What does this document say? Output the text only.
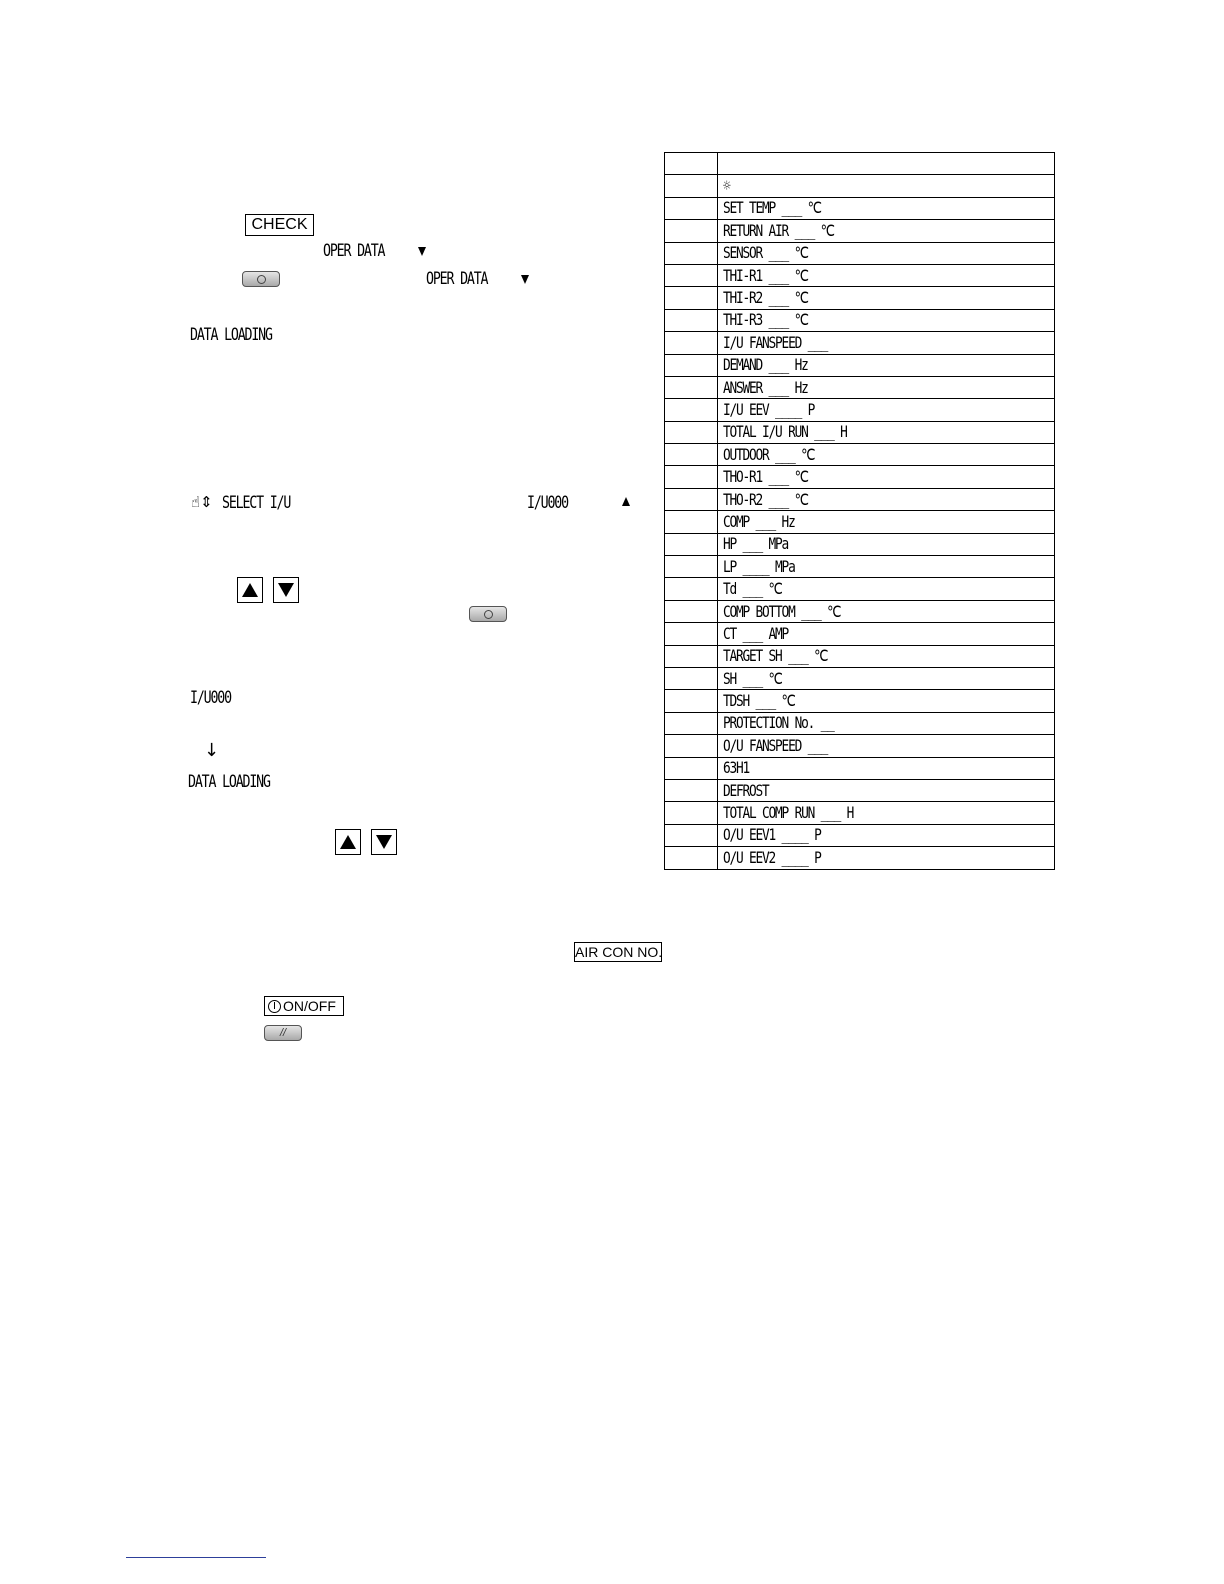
CHECK
OPER DATA
OPER DATA
DATA LOADING
☝⇕ SELECT I/U	I/U000
I/U000
↓
DATA LOADING

	☼

	SET TEMP ___ ℃

	RETURN AIR ___ ℃

	SENSOR ___ ℃

	THI-R1 ___ ℃

	THI-R2 ___ ℃

	THI-R3 ___ ℃

	I/U FANSPEED ___

	DEMAND ___ Hz

	ANSWER ___ Hz

	I/U EEV ____ P

	TOTAL I/U RUN ___ H

	OUTDOOR ___ ℃

	THO-R1 ___ ℃

	THO-R2 ___ ℃

	COMP ___ Hz

	HP ___ MPa

	LP ____ MPa

	Td ___ ℃

	COMP BOTTOM ___ ℃

	CT ___ AMP

	TARGET SH ___ ℃

	SH ___ ℃

	TDSH ___ ℃

	PROTECTION No. __

	O/U FANSPEED ___

	63H1

	DEFROST

	TOTAL COMP RUN ___ H

	O/U EEV1 ____ P

	O/U EEV2 ____ P
AIR CON NO.
ON/OFF
//
